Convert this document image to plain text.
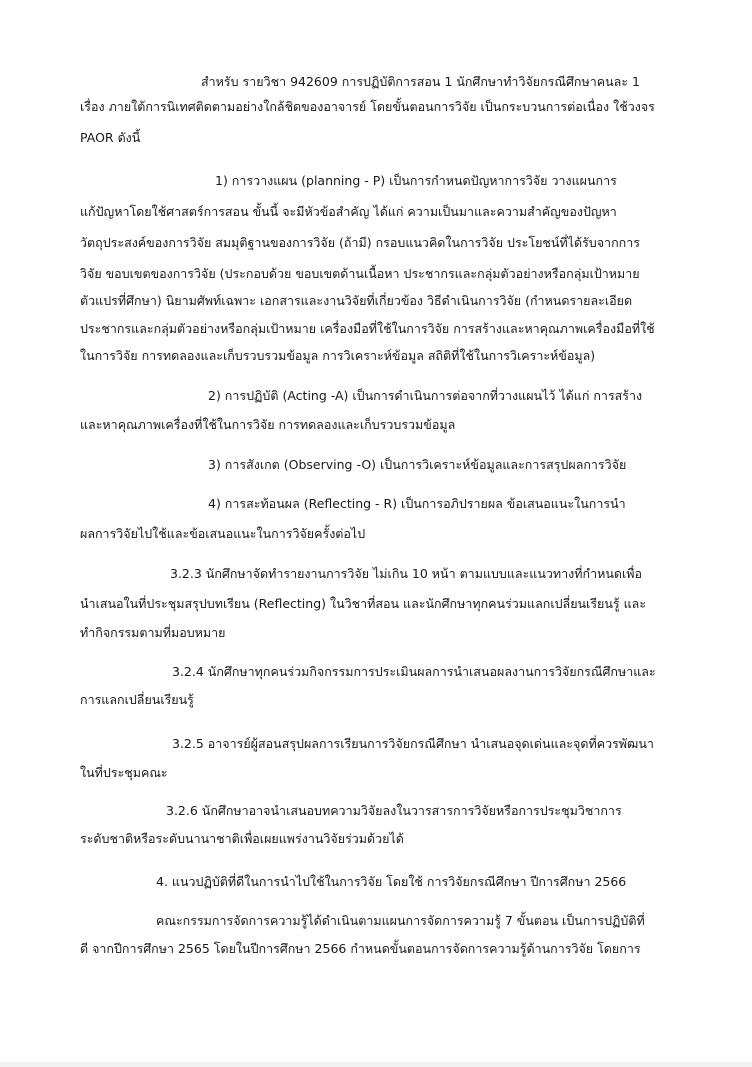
สำหรับ รายวิชา 942609 การปฏิบัติการสอน 1 นักศึกษาทำวิจัยกรณีศึกษาคนละ 1
เรื่อง ภายใต้การนิเทศติดตามอย่างใกล้ชิดของอาจารย์ โดยขั้นตอนการวิจัย เป็นกระบวนการต่อเนื่อง ใช้วงจร
PAOR ดังนี้
1) การวางแผน (planning - P) เป็นการกำหนดปัญหาการวิจัย วางแผนการ
แก้ปัญหาโดยใช้ศาสตร์การสอน ขั้นนี้ จะมีหัวข้อสำคัญ ได้แก่ ความเป็นมาและความสำคัญของปัญหา
วัตถุประสงค์ของการวิจัย สมมุติฐานของการวิจัย (ถ้ามี) กรอบแนวคิดในการวิจัย ประโยชน์ที่ได้รับจากการ
วิจัย ขอบเขตของการวิจัย (ประกอบด้วย ขอบเขตด้านเนื้อหา ประชากรและกลุ่มตัวอย่างหรือกลุ่มเป้าหมาย
ตัวแปรที่ศึกษา) นิยามศัพท์เฉพาะ เอกสารและงานวิจัยที่เกี่ยวข้อง วิธีดำเนินการวิจัย (กำหนดรายละเอียด
ประชากรและกลุ่มตัวอย่างหรือกลุ่มเป้าหมาย เครื่องมือที่ใช้ในการวิจัย การสร้างและหาคุณภาพเครื่องมือที่ใช้
ในการวิจัย การทดลองและเก็บรวบรวมข้อมูล การวิเคราะห์ข้อมูล สถิติที่ใช้ในการวิเคราะห์ข้อมูล)
2) การปฏิบัติ (Acting -A) เป็นการดำเนินการต่อจากที่วางแผนไว้ ได้แก่ การสร้าง
และหาคุณภาพเครื่องที่ใช้ในการวิจัย การทดลองและเก็บรวบรวมข้อมูล
3) การสังเกต (Observing -O) เป็นการวิเคราะห์ข้อมูลและการสรุปผลการวิจัย
4) การสะท้อนผล (Reflecting - R) เป็นการอภิปรายผล ข้อเสนอแนะในการนำ
ผลการวิจัยไปใช้และข้อเสนอแนะในการวิจัยครั้งต่อไป
3.2.3 นักศึกษาจัดทำรายงานการวิจัย ไม่เกิน 10 หน้า ตามแบบและแนวทางที่กำหนดเพื่อ
นำเสนอในที่ประชุมสรุปบทเรียน (Reflecting) ในวิชาที่สอน และนักศึกษาทุกคนร่วมแลกเปลี่ยนเรียนรู้ และ
ทำกิจกรรมตามที่มอบหมาย
3.2.4 นักศึกษาทุกคนร่วมกิจกรรมการประเมินผลการนำเสนอผลงานการวิจัยกรณีศึกษาและ
การแลกเปลี่ยนเรียนรู้
3.2.5 อาจารย์ผู้สอนสรุปผลการเรียนการวิจัยกรณีศึกษา นำเสนอจุดเด่นและจุดที่ควรพัฒนา
ในที่ประชุมคณะ
3.2.6 นักศึกษาอาจนำเสนอบทความวิจัยลงในวารสารการวิจัยหรือการประชุมวิชาการ
ระดับชาติหรือระดับนานาชาติเพื่อเผยแพร่งานวิจัยร่วมด้วยได้
4. แนวปฏิบัติที่ดีในการนำไปใช้ในการวิจัย โดยใช้ การวิจัยกรณีศึกษา ปีการศึกษา 2566
คณะกรรมการจัดการความรู้ได้ดำเนินตามแผนการจัดการความรู้ 7 ขั้นตอน เป็นการปฏิบัติที่
ดี จากปีการศึกษา 2565 โดยในปีการศึกษา 2566 กำหนดขั้นตอนการจัดการความรู้ด้านการวิจัย โดยการ
